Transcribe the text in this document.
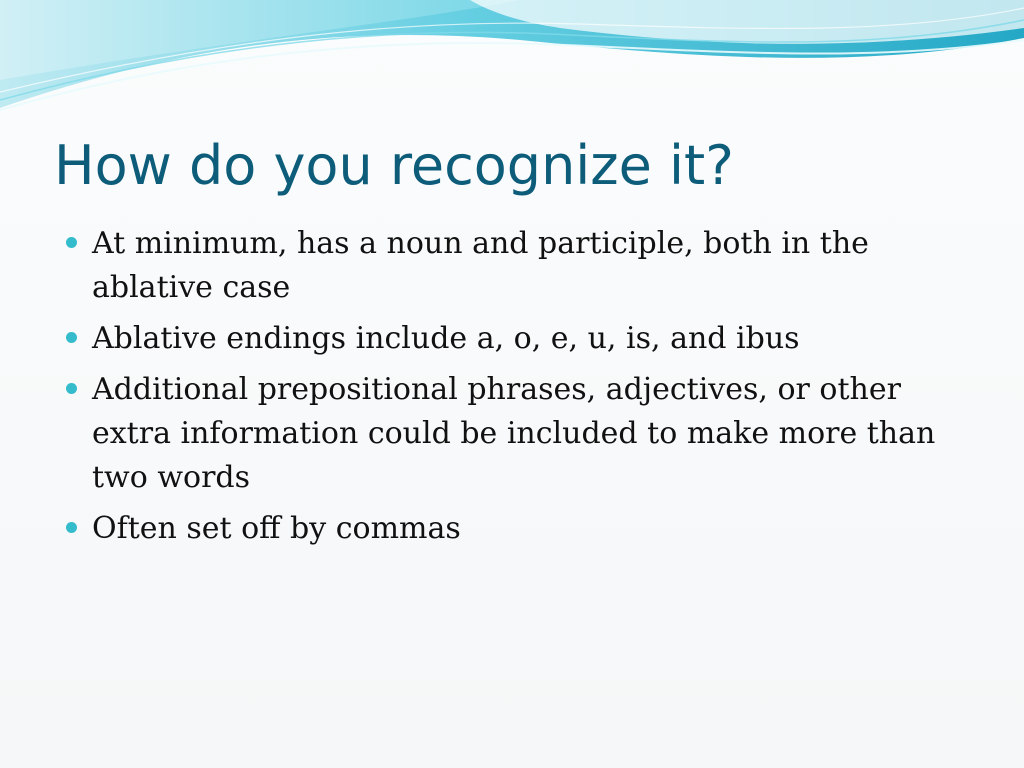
How do you recognize it?
At minimum, has a noun and participle, both in the ablative case
Ablative endings include a, o, e, u, is, and ibus
Additional prepositional phrases, adjectives, or other extra information could be included to make more than two words
Often set off by commas
